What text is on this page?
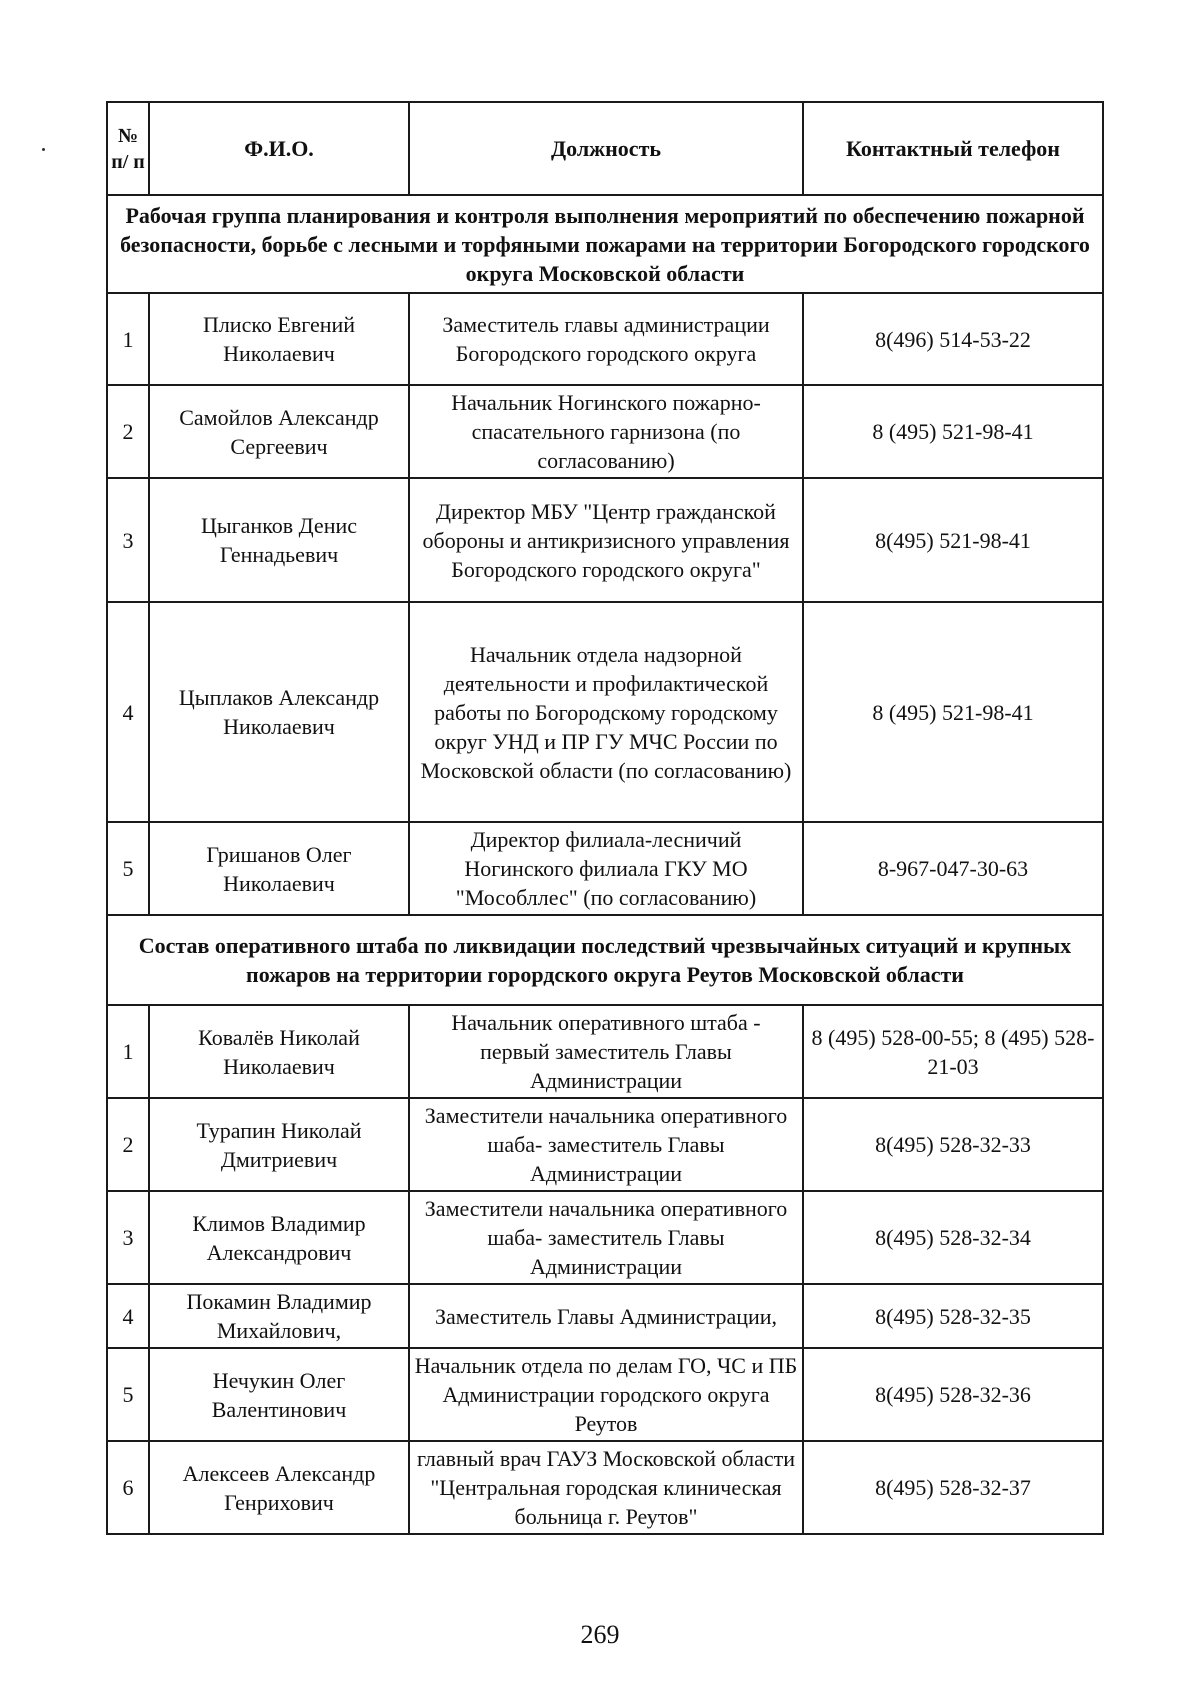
№ п/ п	Ф.И.О.	Должность	Контактный телефон
Рабочая группа планирования и контроля выполнения мероприятий по обеспечению пожарной безопасности, борьбе с лесными и торфяными пожарами на территории Богородского городского округа Московской области			
1	Плиско Евгений Николаевич	Заместитель главы администрации Богородского городского округа	8(496) 514-53-22
2	Самойлов Александр Сергеевич	Начальник Ногинского пожарно-спасательного гарнизона (по согласованию)	8 (495) 521-98-41
3	Цыганков Денис Геннадьевич	Директор МБУ "Центр гражданской обороны и антикризисного управления Богородского городского округа"	8(495) 521-98-41
4	Цыплаков Александр Николаевич	Начальник отдела надзорной деятельности и профилактической работы по Богородскому городскому округ УНД и ПР ГУ МЧС России по Московской области (по согласованию)	8 (495) 521-98-41
5	Гришанов Олег Николаевич	Директор филиала-лесничий Ногинского филиала ГКУ МО "Мособллес" (по согласованию)	8-967-047-30-63
Состав оперативного штаба по ликвидации последствий чрезвычайных ситуаций и крупных пожаров на территории горордского округа Реутов Московской области			
1	Ковалёв Николай Николаевич	Начальник оперативного штаба - первый заместитель Главы Администрации	8 (495) 528-00-55; 8 (495) 528-21-03
2	Турапин Николай Дмитриевич	Заместители начальника оперативного шаба- заместитель Главы Администрации	8(495) 528-32-33
3	Климов Владимир Александрович	Заместители начальника оперативного шаба- заместитель Главы Администрации	8(495) 528-32-34
4	Покамин Владимир Михайлович,	Заместитель Главы Администрации,	8(495) 528-32-35
5	Нечукин Олег Валентинович	Начальник отдела по делам ГО, ЧС и ПБ Администрации городского округа Реутов	8(495) 528-32-36
6	Алексеев Александр Генрихович	главный врач ГАУЗ Московской области "Центральная городская клиническая больница г. Реутов"	8(495) 528-32-37
269
